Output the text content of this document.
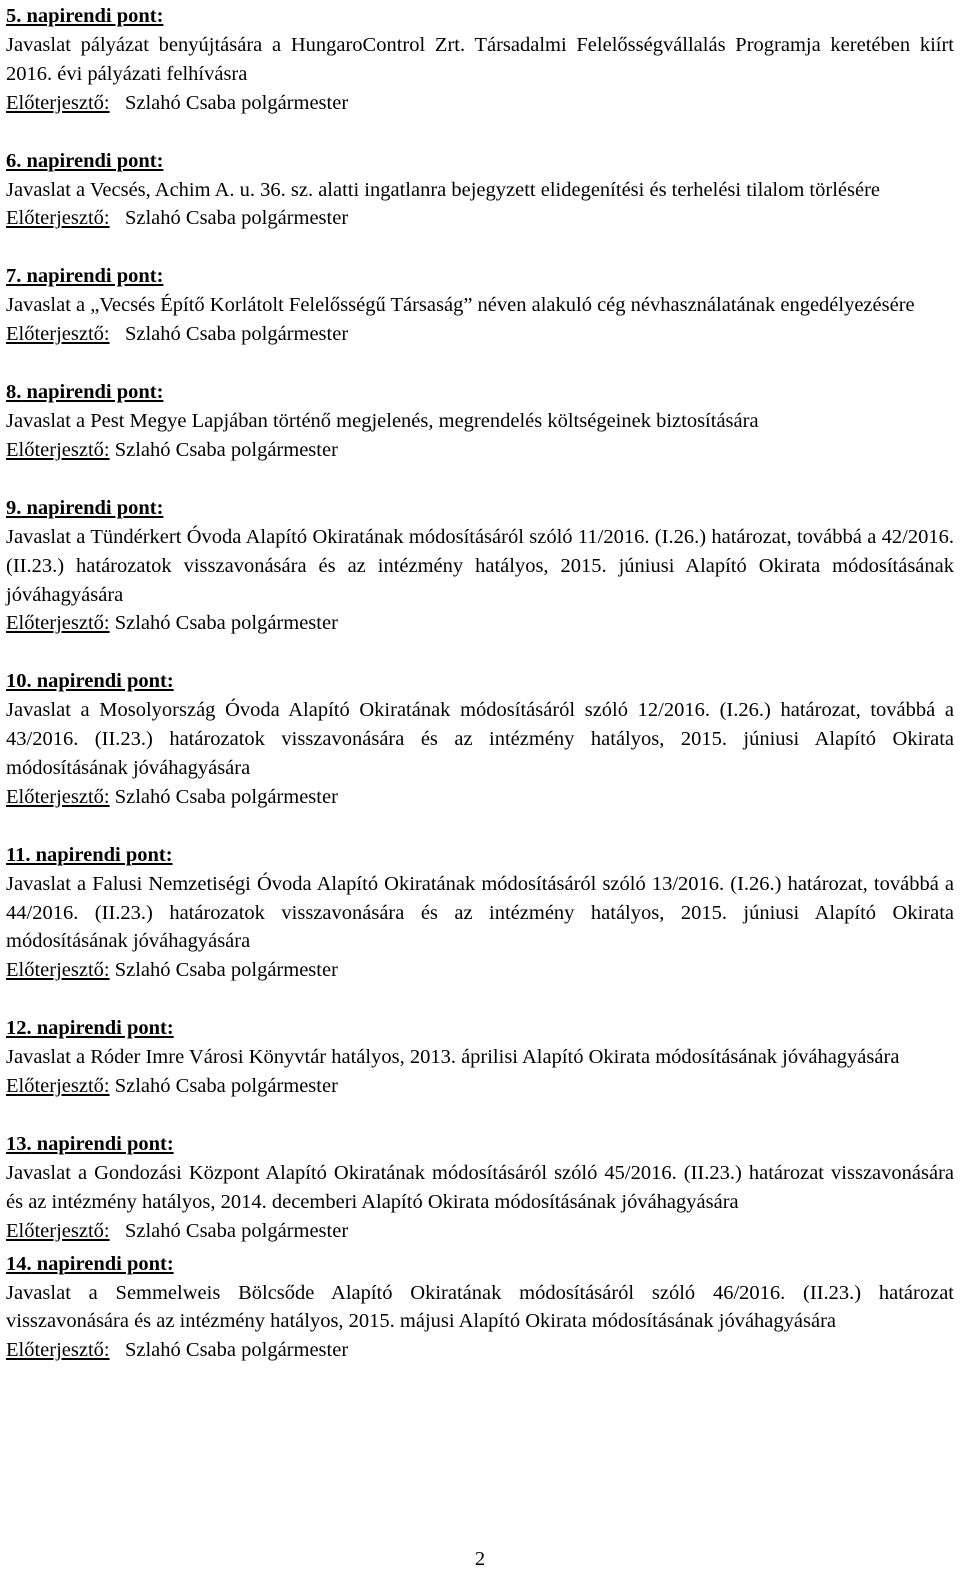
5. napirendi pont:

Javaslat pályázat benyújtására a HungaroControl Zrt. Társadalmi Felelősségvállalás Programja keretében kiírt 2016. évi pályázati felhívásra

Előterjesztő:   Szlahó Csaba polgármester

6. napirendi pont:

Javaslat a Vecsés, Achim A. u. 36. sz. alatti ingatlanra bejegyzett elidegenítési és terhelési tilalom törlésére

Előterjesztő:   Szlahó Csaba polgármester

7. napirendi pont:

Javaslat a „Vecsés Építő Korlátolt Felelősségű Társaság” néven alakuló cég névhasználatának engedélyezésére

Előterjesztő:   Szlahó Csaba polgármester

8. napirendi pont:

Javaslat a Pest Megye Lapjában történő megjelenés, megrendelés költségeinek biztosítására

Előterjesztő: Szlahó Csaba polgármester

9. napirendi pont:

Javaslat a Tündérkert Óvoda Alapító Okiratának módosításáról szóló 11/2016. (I.26.) határozat, továbbá a 42/2016. (II.23.) határozatok visszavonására és az intézmény hatályos, 2015. júniusi Alapító Okirata módosításának jóváhagyására

Előterjesztő: Szlahó Csaba polgármester

10. napirendi pont:

Javaslat a Mosolyország Óvoda Alapító Okiratának módosításáról szóló 12/2016. (I.26.) határozat, továbbá a 43/2016. (II.23.) határozatok visszavonására és az intézmény hatályos, 2015. júniusi Alapító Okirata módosításának jóváhagyására

Előterjesztő: Szlahó Csaba polgármester

11. napirendi pont:

Javaslat a Falusi Nemzetiségi Óvoda Alapító Okiratának módosításáról szóló 13/2016. (I.26.) határozat, továbbá a 44/2016. (II.23.) határozatok visszavonására és az intézmény hatályos, 2015. júniusi Alapító Okirata módosításának jóváhagyására

Előterjesztő: Szlahó Csaba polgármester

12. napirendi pont:

Javaslat a Róder Imre Városi Könyvtár hatályos, 2013. áprilisi Alapító Okirata módosításának jóváhagyására

Előterjesztő: Szlahó Csaba polgármester

13. napirendi pont:

Javaslat a Gondozási Központ Alapító Okiratának módosításáról szóló 45/2016. (II.23.) határozat visszavonására és az intézmény hatályos, 2014. decemberi Alapító Okirata módosításának jóváhagyására

Előterjesztő:   Szlahó Csaba polgármester

14. napirendi pont:

Javaslat a Semmelweis Bölcsőde Alapító Okiratának módosításáról szóló 46/2016. (II.23.) határozat visszavonására és az intézmény hatályos, 2015. májusi Alapító Okirata módosításának jóváhagyására

Előterjesztő:   Szlahó Csaba polgármester

2
